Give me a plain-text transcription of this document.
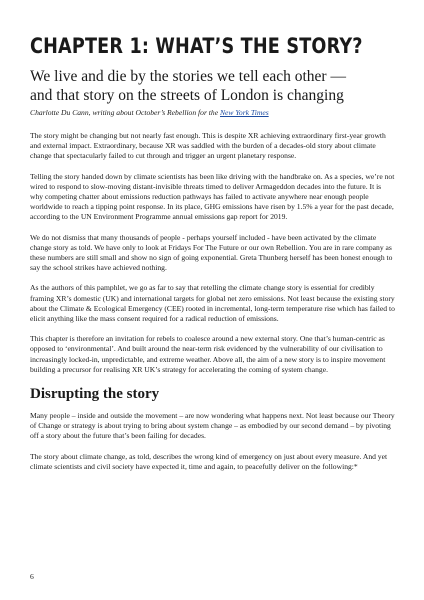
CHAPTER 1: WHAT’S THE STORY?

We live and die by the stories we tell each other —
and that story on the streets of London is changing

Charlotte Du Cann, writing about October’s Rebellion for the New York Times

The story might be changing but not nearly fast enough. This is despite XR achieving extraordinary first-year growth and external impact. Extraordinary, because XR was saddled with the burden of a decades-old story about climate change that spectacularly failed to cut through and trigger an urgent planetary response.

Telling the story handed down by climate scientists has been like driving with the handbrake on. As a species, we’re not wired to respond to slow-moving distant-invisible threats timed to deliver Armageddon decades into the future. It is why competing chatter about emissions reduction pathways has failed to activate anywhere near enough people worldwide to reach a tipping point response. In its place, GHG emissions have risen by 1.5% a year for the past decade, according to the UN Environment Programme annual emissions gap report for 2019.

We do not dismiss that many thousands of people - perhaps yourself included - have been activated by the climate change story as told. We have only to look at Fridays For The Future or our own Rebellion. You are in rare company as these numbers are still small and show no sign of going exponential. Greta Thunberg herself has been honest enough to say the school strikes have achieved nothing.

As the authors of this pamphlet, we go as far to say that retelling the climate change story is essential for credibly framing XR’s domestic (UK) and international targets for global net zero emissions. Not least because the existing story about the Climate & Ecological Emergency (CEE) rooted in incremental, long-term temperature rise which has failed to elicit anything like the mass consent required for a radical reduction of emissions.

This chapter is therefore an invitation for rebels to coalesce around a new external story. One that’s human-centric as opposed to ‘environmental’. And built around the near-term risk evidenced by the vulnerability of our civilisation to increasingly locked-in, unpredictable, and extreme weather. Above all, the aim of a new story is to inspire movement building a precursor for realising XR UK’s strategy for accelerating the coming of system change.

Disrupting the story

Many people – inside and outside the movement – are now wondering what happens next. Not least because our Theory of Change or strategy is about trying to bring about system change – as embodied by our second demand – by pivoting off a story about the future that’s been failing for decades.

The story about climate change, as told, describes the wrong kind of emergency on just about every measure. And yet climate scientists and civil society have expected it, time and again, to peacefully deliver on the following:*

6
